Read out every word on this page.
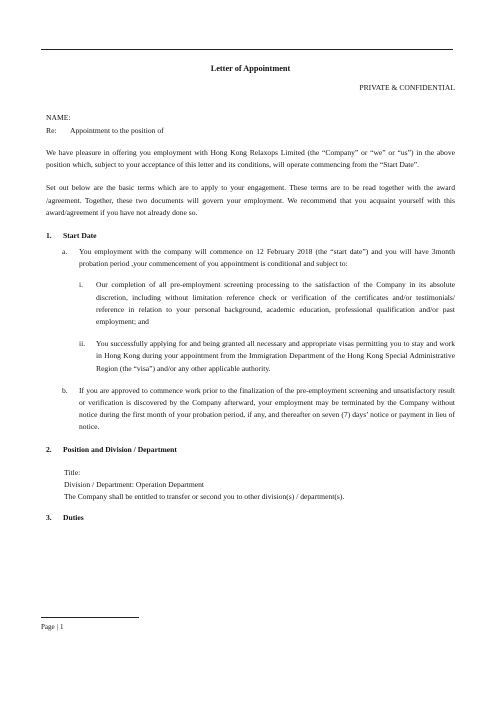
Letter of Appointment
PRIVATE & CONFIDENTIAL
NAME:
Re:	Appointment to the position of

We have pleasure in offering you employment with Hong Kong Relaxops Limited (the “Company” or “we” or “us”) in the above position which, subject to your acceptance of this letter and its conditions, will operate commencing from the “Start Date”.

Set out below are the basic terms which are to apply to your engagement. These terms are to be read together with the award /agreement. Together, these two documents will govern your employment. We recommend that you acquaint yourself with this award/agreement if you have not already done so.

1.	Start Date
a.	You employment with the company will commence on 12 February 2018 (the “start date”) and you will have 3month probation period ,your commencement of you appointment is conditional and subject to:
i.	Our completion of all pre-employment screening processing to the satisfaction of the Company in its absolute discretion, including without limitation reference check or verification of the certificates and/or testimonials/ reference in relation to your personal background, academic education, professional qualification and/or past employment; and
ii.	You successfully applying for and being granted all necessary and appropriate visas permitting you to stay and work in Hong Kong during your appointment from the Immigration Department of the Hong Kong Special Administrative Region (the “visa”) and/or any other applicable authority.
b.	If you are approved to commence work prior to the finalization of the pre-employment screening and unsatisfactory result or verification is discovered by the Company afterward, your employment may be terminated by the Company without notice during the first month of your probation period, if any, and thereafter on seven (7) days’ notice or payment in lieu of notice.
2.	Position and Division / Department
Title:
Division / Department: Operation Department
The Company shall be entitled to transfer or second you to other division(s) / department(s).
3.	Duties
Page | 1
